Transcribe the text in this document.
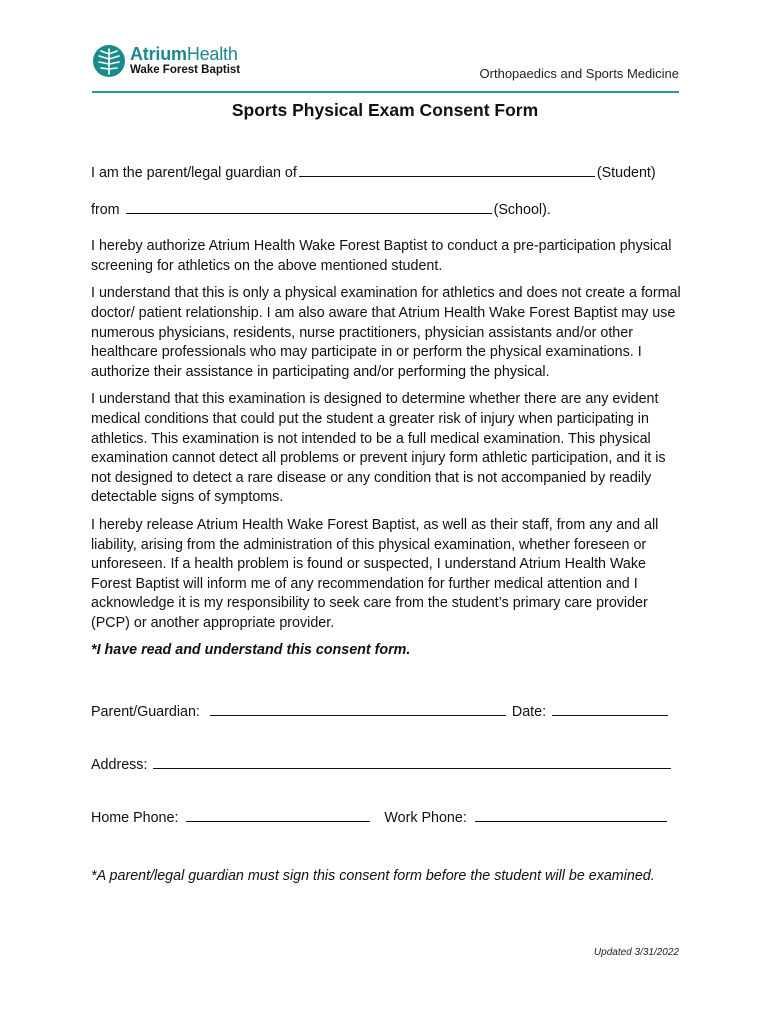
AtriumHealth
Wake Forest Baptist	Orthopaedics and Sports Medicine
Sports Physical Exam Consent Form
I am the parent/legal guardian of	(Student)
from	(School).

I hereby authorize Atrium Health Wake Forest Baptist to conduct a pre-participation physical screening for athletics on the above mentioned student.

I understand that this is only a physical examination for athletics and does not create a formal doctor/ patient relationship. I am also aware that Atrium Health Wake Forest Baptist may use numerous physicians, residents, nurse practitioners, physician assistants and/or other healthcare professionals who may participate in or perform the physical examinations. I authorize their assistance in participating and/or performing the physical.

I understand that this examination is designed to determine whether there are any evident medical conditions that could put the student a greater risk of injury when participating in athletics. This examination is not intended to be a full medical examination. This physical examination cannot detect all problems or prevent injury form athletic participation, and it is not designed to detect a rare disease or any condition that is not accompanied by readily detectable signs of symptoms.

I hereby release Atrium Health Wake Forest Baptist, as well as their staff, from any and all liability, arising from the administration of this physical examination, whether foreseen or unforeseen. If a health problem is found or suspected, I understand Atrium Health Wake Forest Baptist will inform me of any recommendation for further medical attention and I acknowledge it is my responsibility to seek care from the student’s primary care provider (PCP) or another appropriate provider.

*I have read and understand this consent form.

Parent/Guardian:	Date:
Address:
Home Phone:	Work Phone:

*A parent/legal guardian must sign this consent form before the student will be examined.

Updated 3/31/2022
